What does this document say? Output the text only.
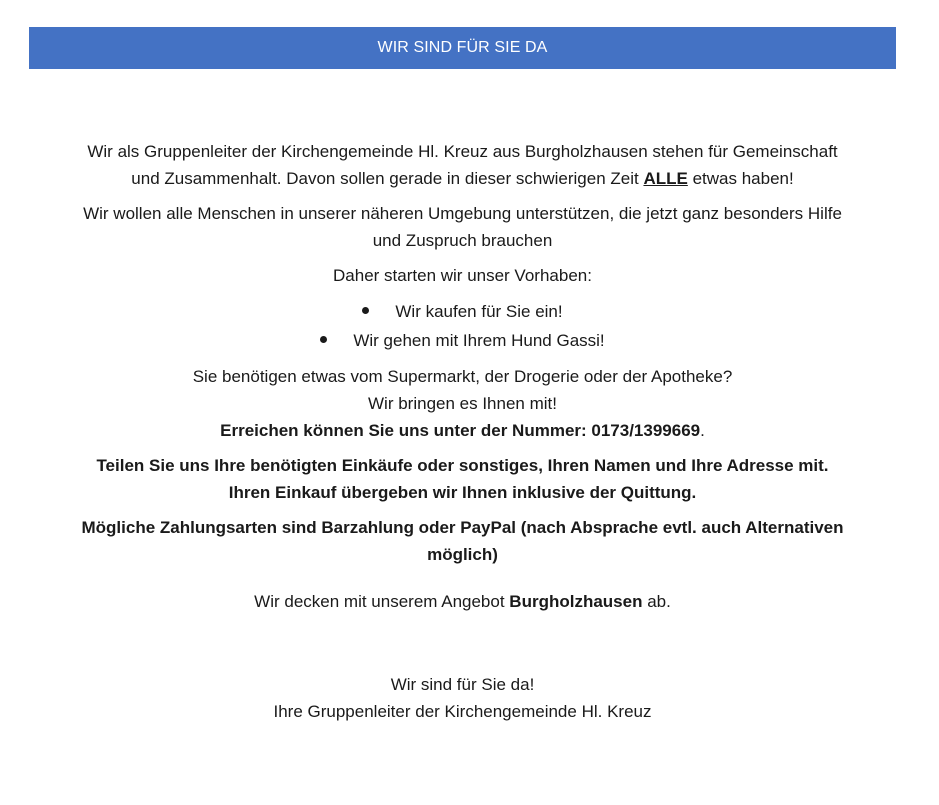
WIR SIND FÜR SIE DA

Wir als Gruppenleiter der Kirchengemeinde Hl. Kreuz aus Burgholzhausen stehen für Gemeinschaft

und Zusammenhalt. Davon sollen gerade in dieser schwierigen Zeit ALLE etwas haben!

Wir wollen alle Menschen in unserer näheren Umgebung unterstützen, die jetzt ganz besonders Hilfe

und Zuspruch brauchen

Daher starten wir unser Vorhaben:

Wir kaufen für Sie ein!
Wir gehen mit Ihrem Hund Gassi!

Sie benötigen etwas vom Supermarkt, der Drogerie oder der Apotheke?

Wir bringen es Ihnen mit!

Erreichen können Sie uns unter der Nummer: 0173/1399669.

Teilen Sie uns Ihre benötigten Einkäufe oder sonstiges, Ihren Namen und Ihre Adresse mit.

Ihren Einkauf übergeben wir Ihnen inklusive der Quittung.

Mögliche Zahlungsarten sind Barzahlung oder PayPal (nach Absprache evtl. auch Alternativen

möglich)

Wir decken mit unserem Angebot Burgholzhausen ab.

Wir sind für Sie da!

Ihre Gruppenleiter der Kirchengemeinde Hl. Kreuz
